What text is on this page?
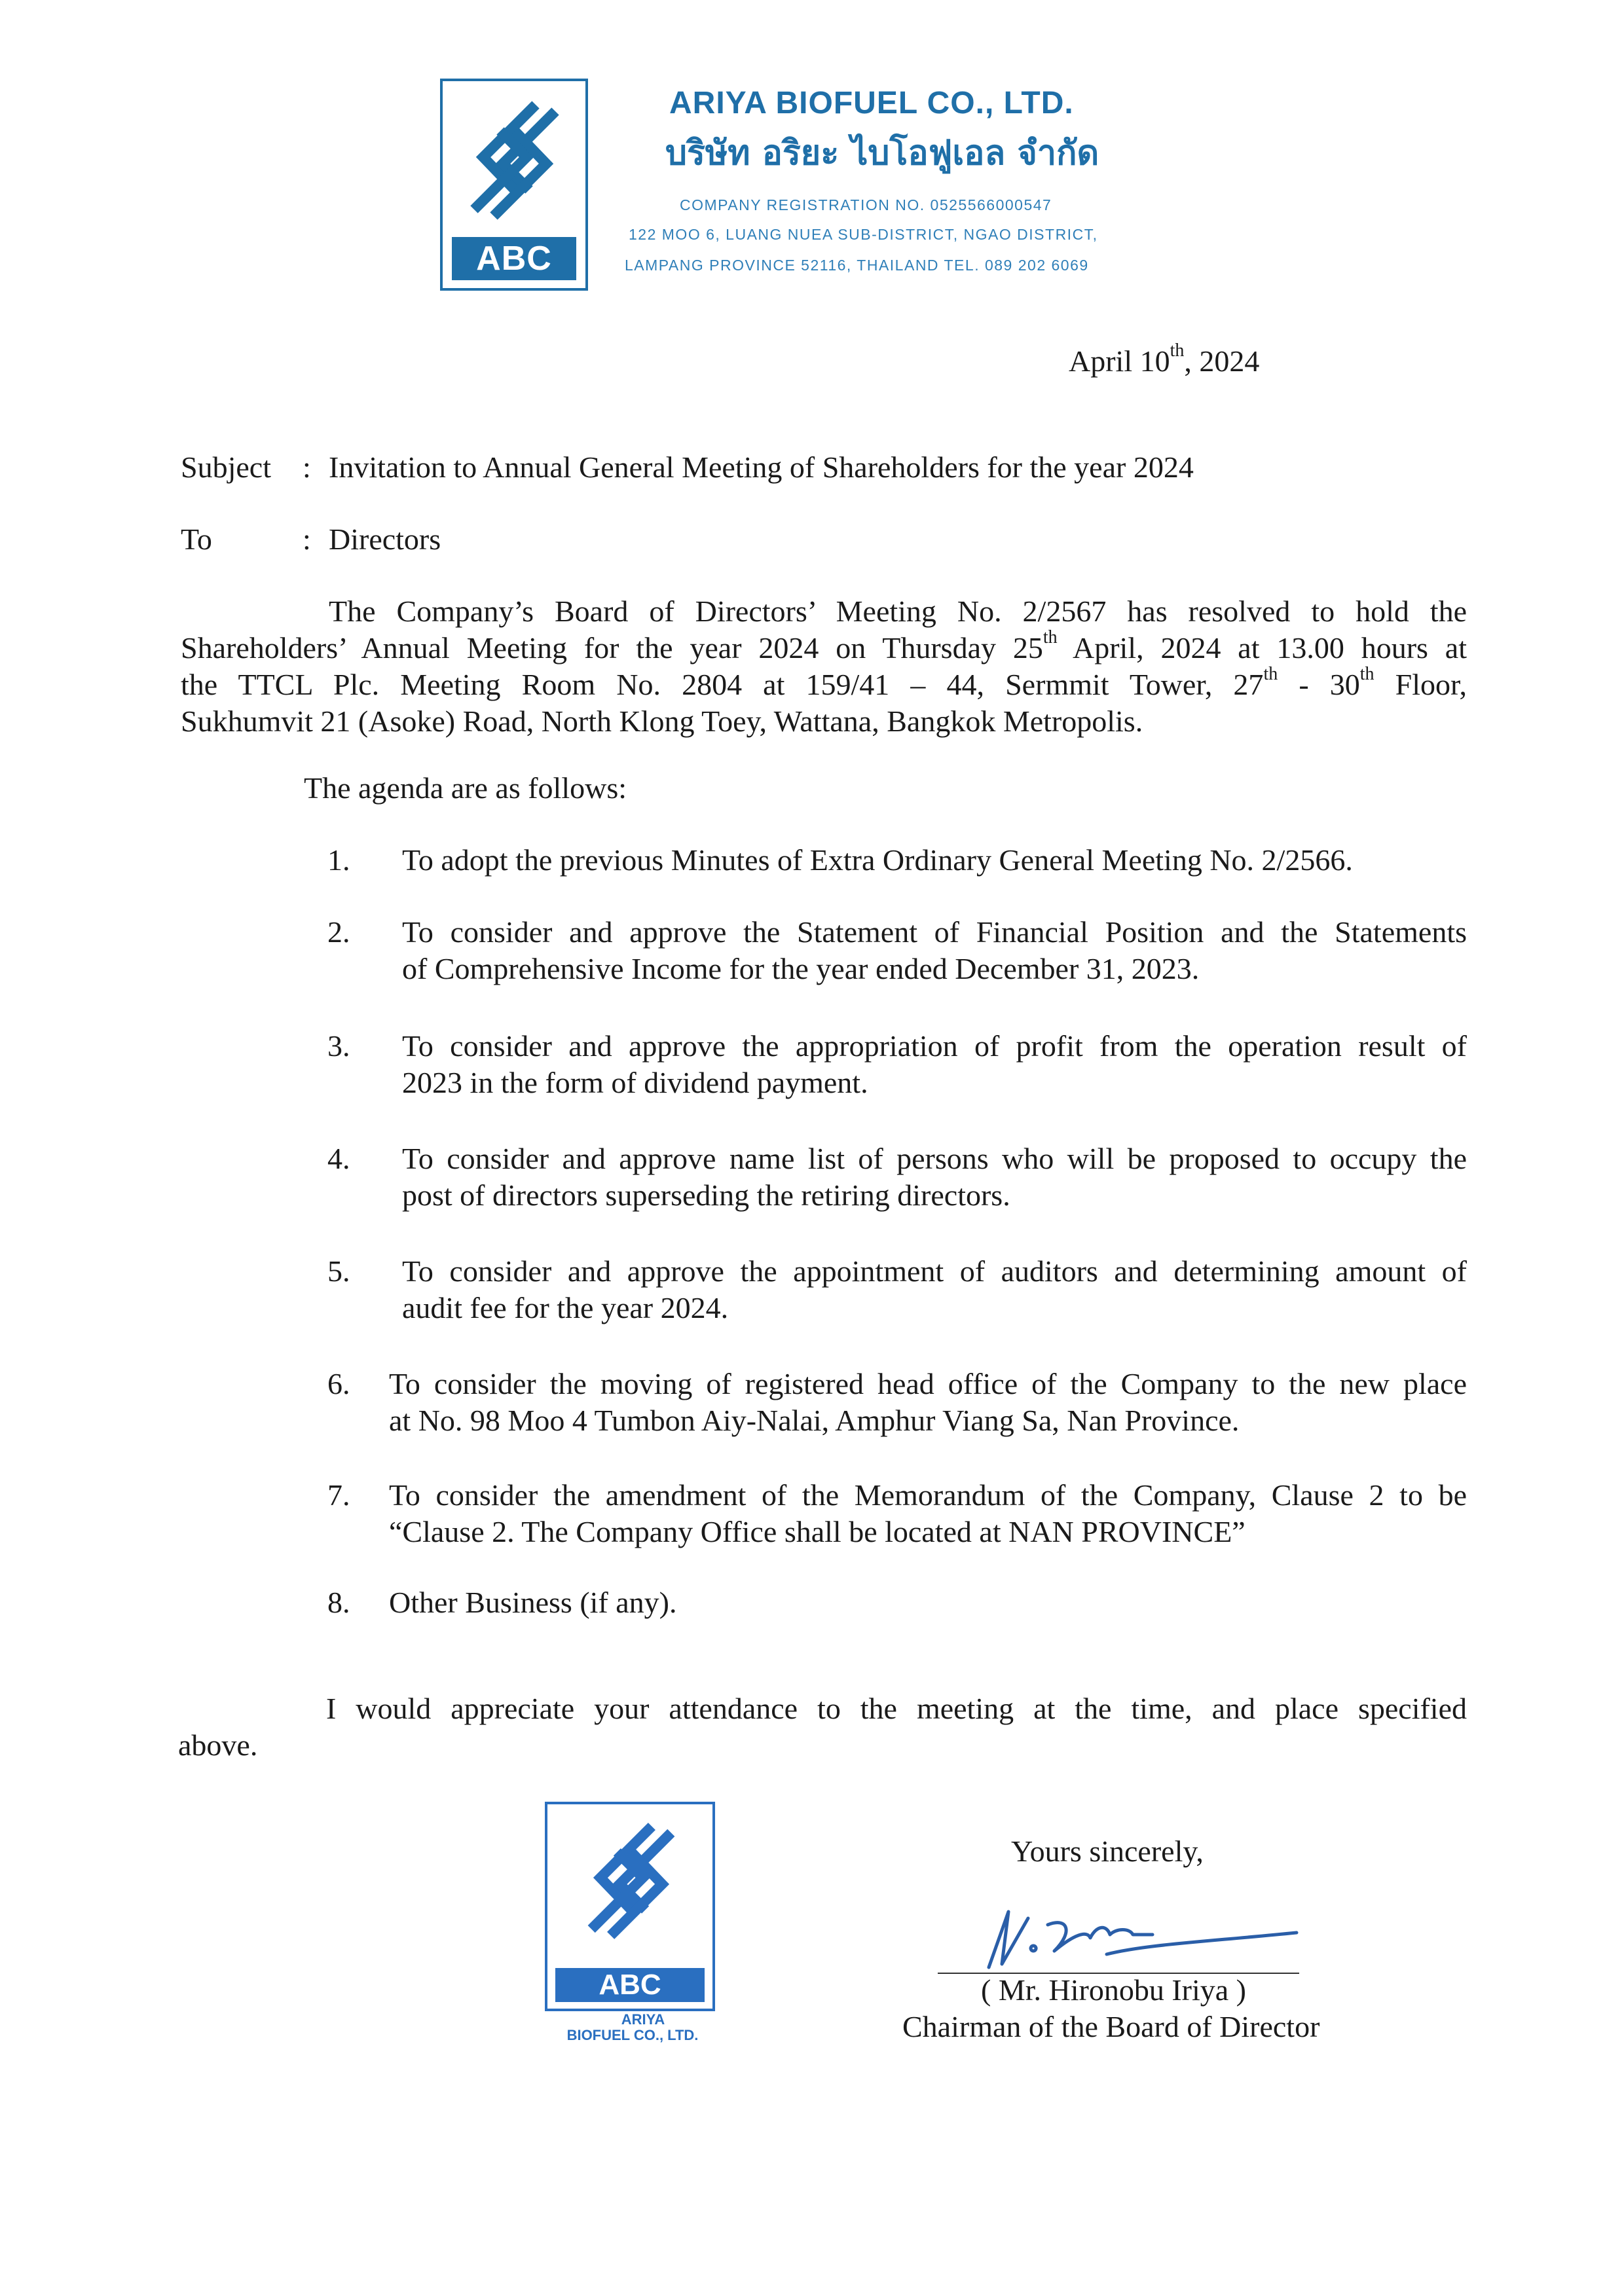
ABC
ARIYA BIOFUEL CO., LTD.
บริษัท อริยะ ไบโอฟูเอล จำกัด
COMPANY REGISTRATION NO. 0525566000547
122 MOO 6, LUANG NUEA SUB-DISTRICT, NGAO DISTRICT,
LAMPANG PROVINCE 52116, THAILAND TEL. 089 202 6069
April 10th, 2024
Subject : Invitation to Annual General Meeting of Shareholders for the year 2024
To	: Directors
The Company’s Board of Directors’ Meeting No. 2/2567 has resolved to hold the
Shareholders’ Annual Meeting for the year 2024 on Thursday 25th April, 2024 at 13.00 hours at
the TTCL Plc. Meeting Room No. 2804 at 159/41 – 44, Sermmit Tower, 27th - 30th Floor,
Sukhumvit 21 (Asoke) Road, North Klong Toey, Wattana, Bangkok Metropolis.
The agenda are as follows:
1. To adopt the previous Minutes of Extra Ordinary General Meeting No. 2/2566.
2. To consider and approve the Statement of Financial Position and the Statements
of Comprehensive Income for the year ended December 31, 2023.
3. To consider and approve the appropriation of profit from the operation result of
2023 in the form of dividend payment.
4. To consider and approve name list of persons who will be proposed to occupy the
post of directors superseding the retiring directors.
5. To consider and approve the appointment of auditors and determining amount of
audit fee for the year 2024.
6. To consider the moving of registered head office of the Company to the new place
at No. 98 Moo 4 Tumbon Aiy-Nalai, Amphur Viang Sa, Nan Province.
7. To consider the amendment of the Memorandum of the Company, Clause 2 to be
“Clause 2. The Company Office shall be located at NAN PROVINCE”
8. Other Business (if any).
I would appreciate your attendance to the meeting at the time, and place specified
above.
ABC
ARIYA
BIOFUEL CO., LTD.
Yours sincerely,
( Mr. Hironobu Iriya )
Chairman of the Board of Director
